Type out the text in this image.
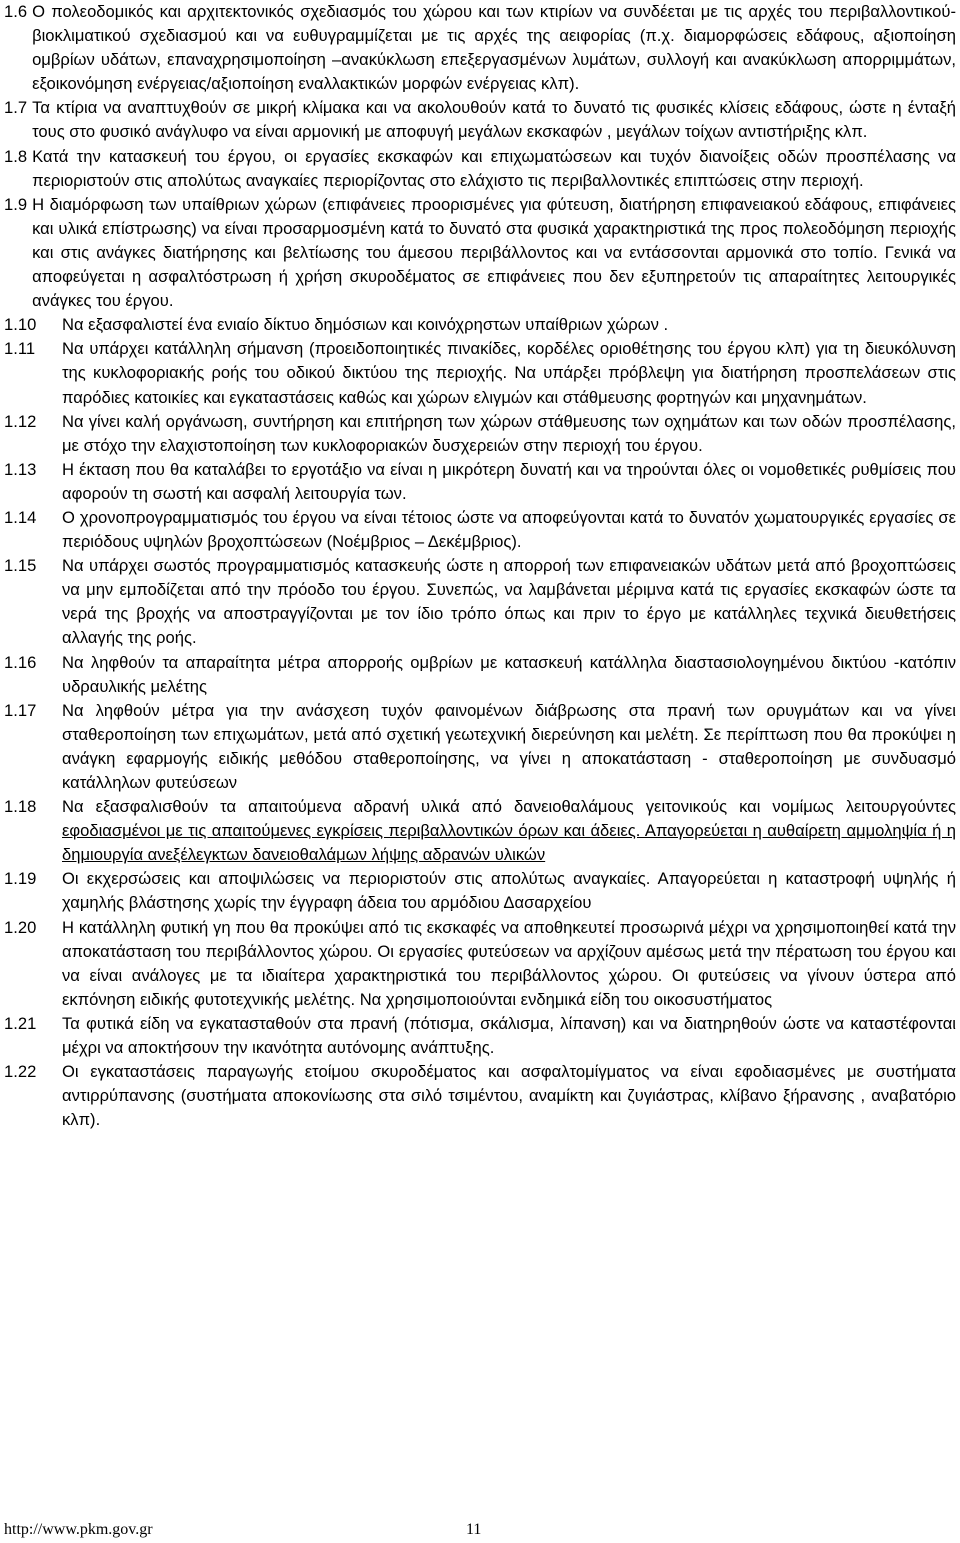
1.6 Ο πολεοδομικός και αρχιτεκτονικός σχεδιασμός του χώρου και των κτιρίων να συνδέεται με τις αρχές του περιβαλλοντικού-βιοκλιματικού σχεδιασμού και να ευθυγραμμίζεται με τις αρχές της αειφορίας (π.χ. διαμορφώσεις εδάφους, αξιοποίηση ομβρίων υδάτων, επαναχρησιμοποίηση –ανακύκλωση επεξεργασμένων λυμάτων, συλλογή και ανακύκλωση απορριμμάτων, εξοικονόμηση ενέργειας/αξιοποίηση εναλλακτικών μορφών ενέργειας κλπ).
1.7 Τα κτίρια να αναπτυχθούν σε μικρή κλίμακα και να ακολουθούν κατά το δυνατό τις φυσικές κλίσεις εδάφους, ώστε η ένταξή τους στο φυσικό ανάγλυφο να είναι αρμονική με αποφυγή μεγάλων εκσκαφών , μεγάλων τοίχων αντιστήριξης κλπ.
1.8 Κατά την κατασκευή του έργου, οι εργασίες εκσκαφών και επιχωματώσεων και τυχόν διανοίξεις οδών προσπέλασης να περιοριστούν στις απολύτως αναγκαίες περιορίζοντας στο ελάχιστο τις περιβαλλοντικές επιπτώσεις στην περιοχή.
1.9 Η διαμόρφωση των υπαίθριων χώρων (επιφάνειες προορισμένες για φύτευση, διατήρηση επιφανειακού εδάφους, επιφάνειες και υλικά επίστρωσης) να είναι προσαρμοσμένη κατά το δυνατό στα φυσικά χαρακτηριστικά της προς πολεοδόμηση περιοχής και στις ανάγκες διατήρησης και βελτίωσης του άμεσου περιβάλλοντος και να εντάσσονται αρμονικά στο τοπίο. Γενικά να αποφεύγεται η ασφαλτόστρωση ή χρήση σκυροδέματος σε επιφάνειες που δεν εξυπηρετούν τις απαραίτητες λειτουργικές ανάγκες του έργου.
1.10	Να εξασφαλιστεί ένα ενιαίο δίκτυο δημόσιων και κοινόχρηστων υπαίθριων χώρων .
1.11	Να υπάρχει κατάλληλη σήμανση (προειδοποιητικές πινακίδες, κορδέλες οριοθέτησης του έργου κλπ) για τη διευκόλυνση της κυκλοφοριακής ροής του οδικού δικτύου της περιοχής. Να υπάρξει πρόβλεψη για διατήρηση προσπελάσεων στις παρόδιες κατοικίες και εγκαταστάσεις καθώς και χώρων ελιγμών και στάθμευσης φορτηγών και μηχανημάτων.
1.12	Να γίνει καλή οργάνωση, συντήρηση και επιτήρηση των χώρων στάθμευσης των οχημάτων και των οδών προσπέλασης, με στόχο την ελαχιστοποίηση των κυκλοφοριακών δυσχερειών στην περιοχή του έργου.
1.13	Η έκταση που θα καταλάβει το εργοτάξιο να είναι η μικρότερη δυνατή και να τηρούνται όλες οι νομοθετικές ρυθμίσεις που αφορούν τη σωστή και ασφαλή λειτουργία των.
1.14	Ο χρονοπρογραμματισμός του έργου να είναι τέτοιος ώστε να αποφεύγονται κατά το δυνατόν χωματουργικές εργασίες σε περιόδους υψηλών βροχοπτώσεων (Νοέμβριος – Δεκέμβριος).
1.15	Να υπάρχει σωστός προγραμματισμός κατασκευής ώστε η απορροή των επιφανειακών υδάτων μετά από βροχοπτώσεις να μην εμποδίζεται από την πρόοδο του έργου. Συνεπώς, να λαμβάνεται μέριμνα κατά τις εργασίες εκσκαφών ώστε τα νερά της βροχής να αποστραγγίζονται με τον ίδιο τρόπο όπως και πριν το έργο με κατάλληλες τεχνικά διευθετήσεις αλλαγής της ροής.
1.16	Να ληφθούν τα απαραίτητα μέτρα απορροής ομβρίων με κατασκευή κατάλληλα διαστασιολογημένου δικτύου -κατόπιν υδραυλικής μελέτης
1.17	Να ληφθούν μέτρα για την ανάσχεση τυχόν φαινομένων διάβρωσης στα πρανή των ορυγμάτων και να γίνει σταθεροποίηση των επιχωμάτων, μετά από σχετική γεωτεχνική διερεύνηση και μελέτη. Σε περίπτωση που θα προκύψει η ανάγκη εφαρμογής ειδικής μεθόδου σταθεροποίησης, να γίνει η αποκατάσταση - σταθεροποίηση με συνδυασμό κατάλληλων φυτεύσεων
1.18	Να εξασφαλισθούν τα απαιτούμενα αδρανή υλικά από δανειοθαλάμους γειτονικούς και νομίμως λειτουργούντες εφοδιασμένοι με τις απαιτούμενες εγκρίσεις περιβαλλοντικών όρων και άδειες. Απαγορεύεται η αυθαίρετη αμμοληψία ή η δημιουργία ανεξέλεγκτων δανειοθαλάμων λήψης αδρανών υλικών
1.19	Οι εκχερσώσεις και αποψιλώσεις να περιοριστούν στις απολύτως αναγκαίες. Απαγορεύεται η καταστροφή υψηλής ή χαμηλής βλάστησης χωρίς την έγγραφη άδεια του αρμόδιου Δασαρχείου
1.20	Η κατάλληλη φυτική γη που θα προκύψει από τις εκσκαφές να αποθηκευτεί προσωρινά μέχρι να χρησιμοποιηθεί κατά την αποκατάσταση του περιβάλλοντος χώρου. Οι εργασίες φυτεύσεων να αρχίζουν αμέσως μετά την πέρατωση του έργου και να είναι ανάλογες με τα ιδιαίτερα χαρακτηριστικά του περιβάλλοντος χώρου. Οι φυτεύσεις να γίνουν ύστερα από εκπόνηση ειδικής φυτοτεχνικής μελέτης. Να χρησιμοποιούνται ενδημικά είδη του οικοσυστήματος
1.21	Τα φυτικά είδη να εγκατασταθούν στα πρανή (πότισμα, σκάλισμα, λίπανση) και να διατηρηθούν ώστε να καταστέφονται μέχρι να αποκτήσουν την ικανότητα αυτόνομης ανάπτυξης.
1.22	Οι εγκαταστάσεις παραγωγής ετοίμου σκυροδέματος και ασφαλτομίγματος να είναι εφοδιασμένες με συστήματα αντιρρύπανσης (συστήματα αποκονίωσης στα σιλό τσιμέντου, αναμίκτη και ζυγιάστρας, κλίβανο ξήρανσης , αναβατόριο κλπ).
http://www.pkm.gov.gr	11
